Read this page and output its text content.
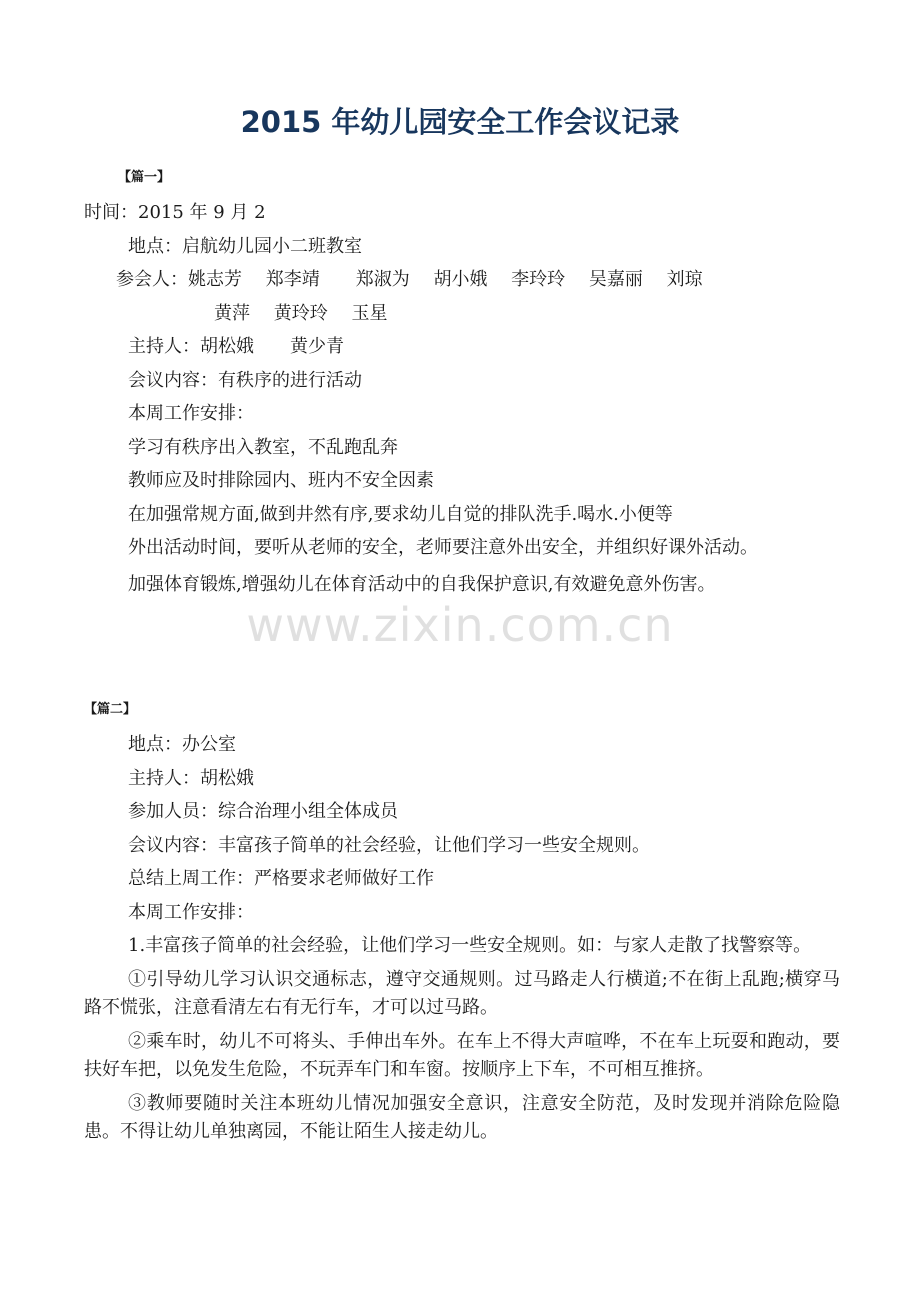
2015 年幼儿园安全工作会议记录
【篇一】

时间：2015 年 9 月 2

地点：启航幼儿园小二班教室

参会人：姚志芳　 郑李靖　　郑淑为　 胡小娥　 李玲玲　 吴嘉丽　 刘琼

黄萍　 黄玲玲　 玉星

主持人：胡松娥　　黄少青

会议内容：有秩序的进行活动

本周工作安排：

学习有秩序出入教室，不乱跑乱奔

教师应及时排除园内、班内不安全因素

在加强常规方面,做到井然有序,要求幼儿自觉的排队洗手.喝水.小便等

外出活动时间，要听从老师的安全，老师要注意外出安全，并组织好课外活动。

加强体育锻炼,增强幼儿在体育活动中的自我保护意识,有效避免意外伤害。

www.zixin.com.cn
【篇二】

地点：办公室

主持人：胡松娥

参加人员：综合治理小组全体成员

会议内容：丰富孩子简单的社会经验，让他们学习一些安全规则。

总结上周工作：严格要求老师做好工作

本周工作安排：

1.丰富孩子简单的社会经验，让他们学习一些安全规则。如：与家人走散了找警察等。

①引导幼儿学习认识交通标志，遵守交通规则。过马路走人行横道;不在街上乱跑;横穿马路不慌张，注意看清左右有无行车，才可以过马路。

②乘车时，幼儿不可将头、手伸出车外。在车上不得大声喧哗，不在车上玩耍和跑动，要扶好车把，以免发生危险，不玩弄车门和车窗。按顺序上下车，不可相互推挤。

③教师要随时关注本班幼儿情况加强安全意识，注意安全防范，及时发现并消除危险隐患。不得让幼儿单独离园，不能让陌生人接走幼儿。
